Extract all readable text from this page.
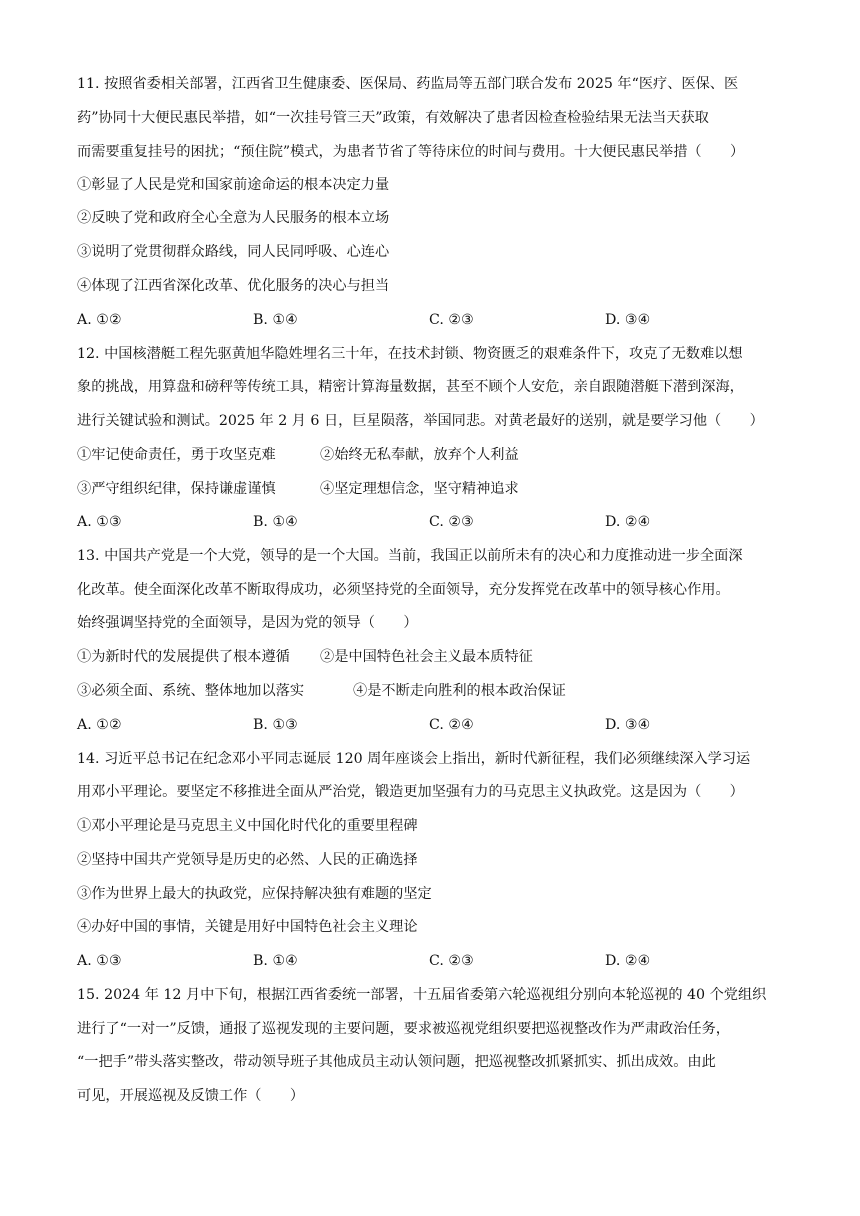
11. 按照省委相关部署，江西省卫生健康委、医保局、药监局等五部门联合发布 2025 年“医疗、医保、医
药”协同十大便民惠民举措，如“一次挂号管三天”政策，有效解决了患者因检查检验结果无法当天获取
而需要重复挂号的困扰；“预住院”模式，为患者节省了等待床位的时间与费用。十大便民惠民举措（　　）
①彰显了人民是党和国家前途命运的根本决定力量
②反映了党和政府全心全意为人民服务的根本立场
③说明了党贯彻群众路线，同人民同呼吸、心连心
④体现了江西省深化改革、优化服务的决心与担当
A. ①②	B. ①④	C. ②③	D. ③④
12. 中国核潜艇工程先驱黄旭华隐姓埋名三十年，在技术封锁、物资匮乏的艰难条件下，攻克了无数难以想
象的挑战，用算盘和磅秤等传统工具，精密计算海量数据，甚至不顾个人安危，亲自跟随潜艇下潜到深海，
进行关键试验和测试。2025 年 2 月 6 日，巨星陨落，举国同悲。对黄老最好的送别，就是要学习他（　　）
①牢记使命责任，勇于攻坚克难	②始终无私奉献，放弃个人利益
③严守组织纪律，保持谦虚谨慎	④坚定理想信念，坚守精神追求
A. ①③	B. ①④	C. ②③	D. ②④
13. 中国共产党是一个大党，领导的是一个大国。当前，我国正以前所未有的决心和力度推动进一步全面深
化改革。使全面深化改革不断取得成功，必须坚持党的全面领导，充分发挥党在改革中的领导核心作用。
始终强调坚持党的全面领导，是因为党的领导（　　）
①为新时代的发展提供了根本遵循 ②是中国特色社会主义最本质特征
③必须全面、系统、整体地加以落实	④是不断走向胜利的根本政治保证
A. ①②	B. ①③	C. ②④	D. ③④
14. 习近平总书记在纪念邓小平同志诞辰 120 周年座谈会上指出，新时代新征程，我们必须继续深入学习运
用邓小平理论。要坚定不移推进全面从严治党，锻造更加坚强有力的马克思主义执政党。这是因为（　　）
①邓小平理论是马克思主义中国化时代化的重要里程碑
②坚持中国共产党领导是历史的必然、人民的正确选择
③作为世界上最大的执政党，应保持解决独有难题的坚定
④办好中国的事情，关键是用好中国特色社会主义理论
A. ①③	B. ①④	C. ②③	D. ②④
15. 2024 年 12 月中下旬，根据江西省委统一部署，十五届省委第六轮巡视组分别向本轮巡视的 40 个党组织
进行了“一对一”反馈，通报了巡视发现的主要问题，要求被巡视党组织要把巡视整改作为严肃政治任务，
“一把手”带头落实整改，带动领导班子其他成员主动认领问题，把巡视整改抓紧抓实、抓出成效。由此
可见，开展巡视及反馈工作（　　）
